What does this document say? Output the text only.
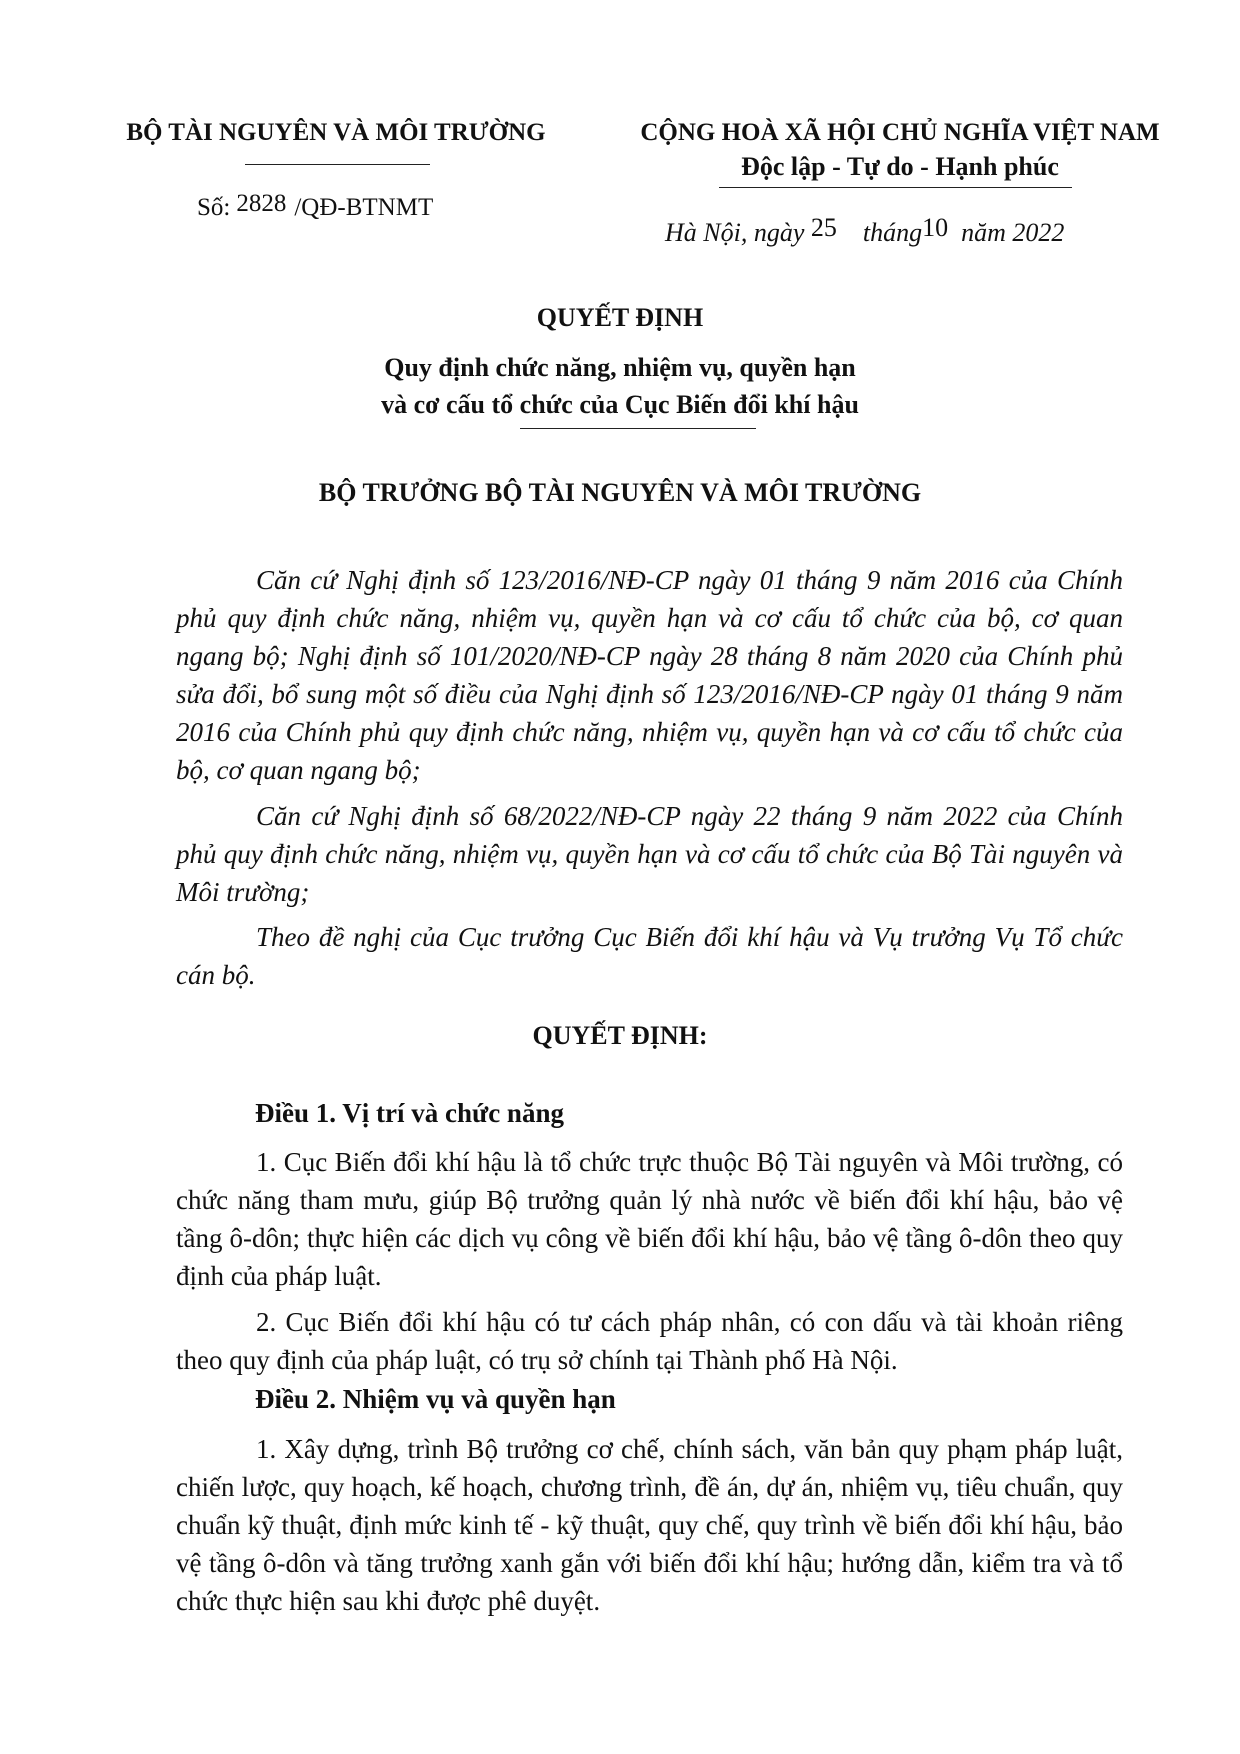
BỘ TÀI NGUYÊN VÀ MÔI TRƯỜNG	CỘNG HOÀ XÃ HỘI CHỦ NGHĨA VIỆT NAM
Độc lập - Tự do - Hạnh phúc
Số: 2828 /QĐ-BTNMT
Hà Nội, ngày 25 tháng10 năm 2022
QUYẾT ĐỊNH
Quy định chức năng, nhiệm vụ, quyền hạn
và cơ cấu tổ chức của Cục Biến đổi khí hậu
BỘ TRƯỞNG BỘ TÀI NGUYÊN VÀ MÔI TRƯỜNG

Căn cứ Nghị định số 123/2016/NĐ-CP ngày 01 tháng 9 năm 2016 của Chính phủ quy định chức năng, nhiệm vụ, quyền hạn và cơ cấu tổ chức của bộ, cơ quan ngang bộ; Nghị định số 101/2020/NĐ-CP ngày 28 tháng 8 năm 2020 của Chính phủ sửa đổi, bổ sung một số điều của Nghị định số 123/2016/NĐ-CP ngày 01 tháng 9 năm 2016 của Chính phủ quy định chức năng, nhiệm vụ, quyền hạn và cơ cấu tổ chức của bộ, cơ quan ngang bộ;

Căn cứ Nghị định số 68/2022/NĐ-CP ngày 22 tháng 9 năm 2022 của Chính phủ quy định chức năng, nhiệm vụ, quyền hạn và cơ cấu tổ chức của Bộ Tài nguyên và Môi trường;

Theo đề nghị của Cục trưởng Cục Biến đổi khí hậu và Vụ trưởng Vụ Tổ chức cán bộ.

QUYẾT ĐỊNH:
Điều 1. Vị trí và chức năng

1. Cục Biến đổi khí hậu là tổ chức trực thuộc Bộ Tài nguyên và Môi trường, có chức năng tham mưu, giúp Bộ trưởng quản lý nhà nước về biến đổi khí hậu, bảo vệ tầng ô-dôn; thực hiện các dịch vụ công về biến đổi khí hậu, bảo vệ tầng ô-dôn theo quy định của pháp luật.

2. Cục Biến đổi khí hậu có tư cách pháp nhân, có con dấu và tài khoản riêng theo quy định của pháp luật, có trụ sở chính tại Thành phố Hà Nội.

Điều 2. Nhiệm vụ và quyền hạn

1. Xây dựng, trình Bộ trưởng cơ chế, chính sách, văn bản quy phạm pháp luật, chiến lược, quy hoạch, kế hoạch, chương trình, đề án, dự án, nhiệm vụ, tiêu chuẩn, quy chuẩn kỹ thuật, định mức kinh tế - kỹ thuật, quy chế, quy trình về biến đổi khí hậu, bảo vệ tầng ô-dôn và tăng trưởng xanh gắn với biến đổi khí hậu; hướng dẫn, kiểm tra và tổ chức thực hiện sau khi được phê duyệt.
